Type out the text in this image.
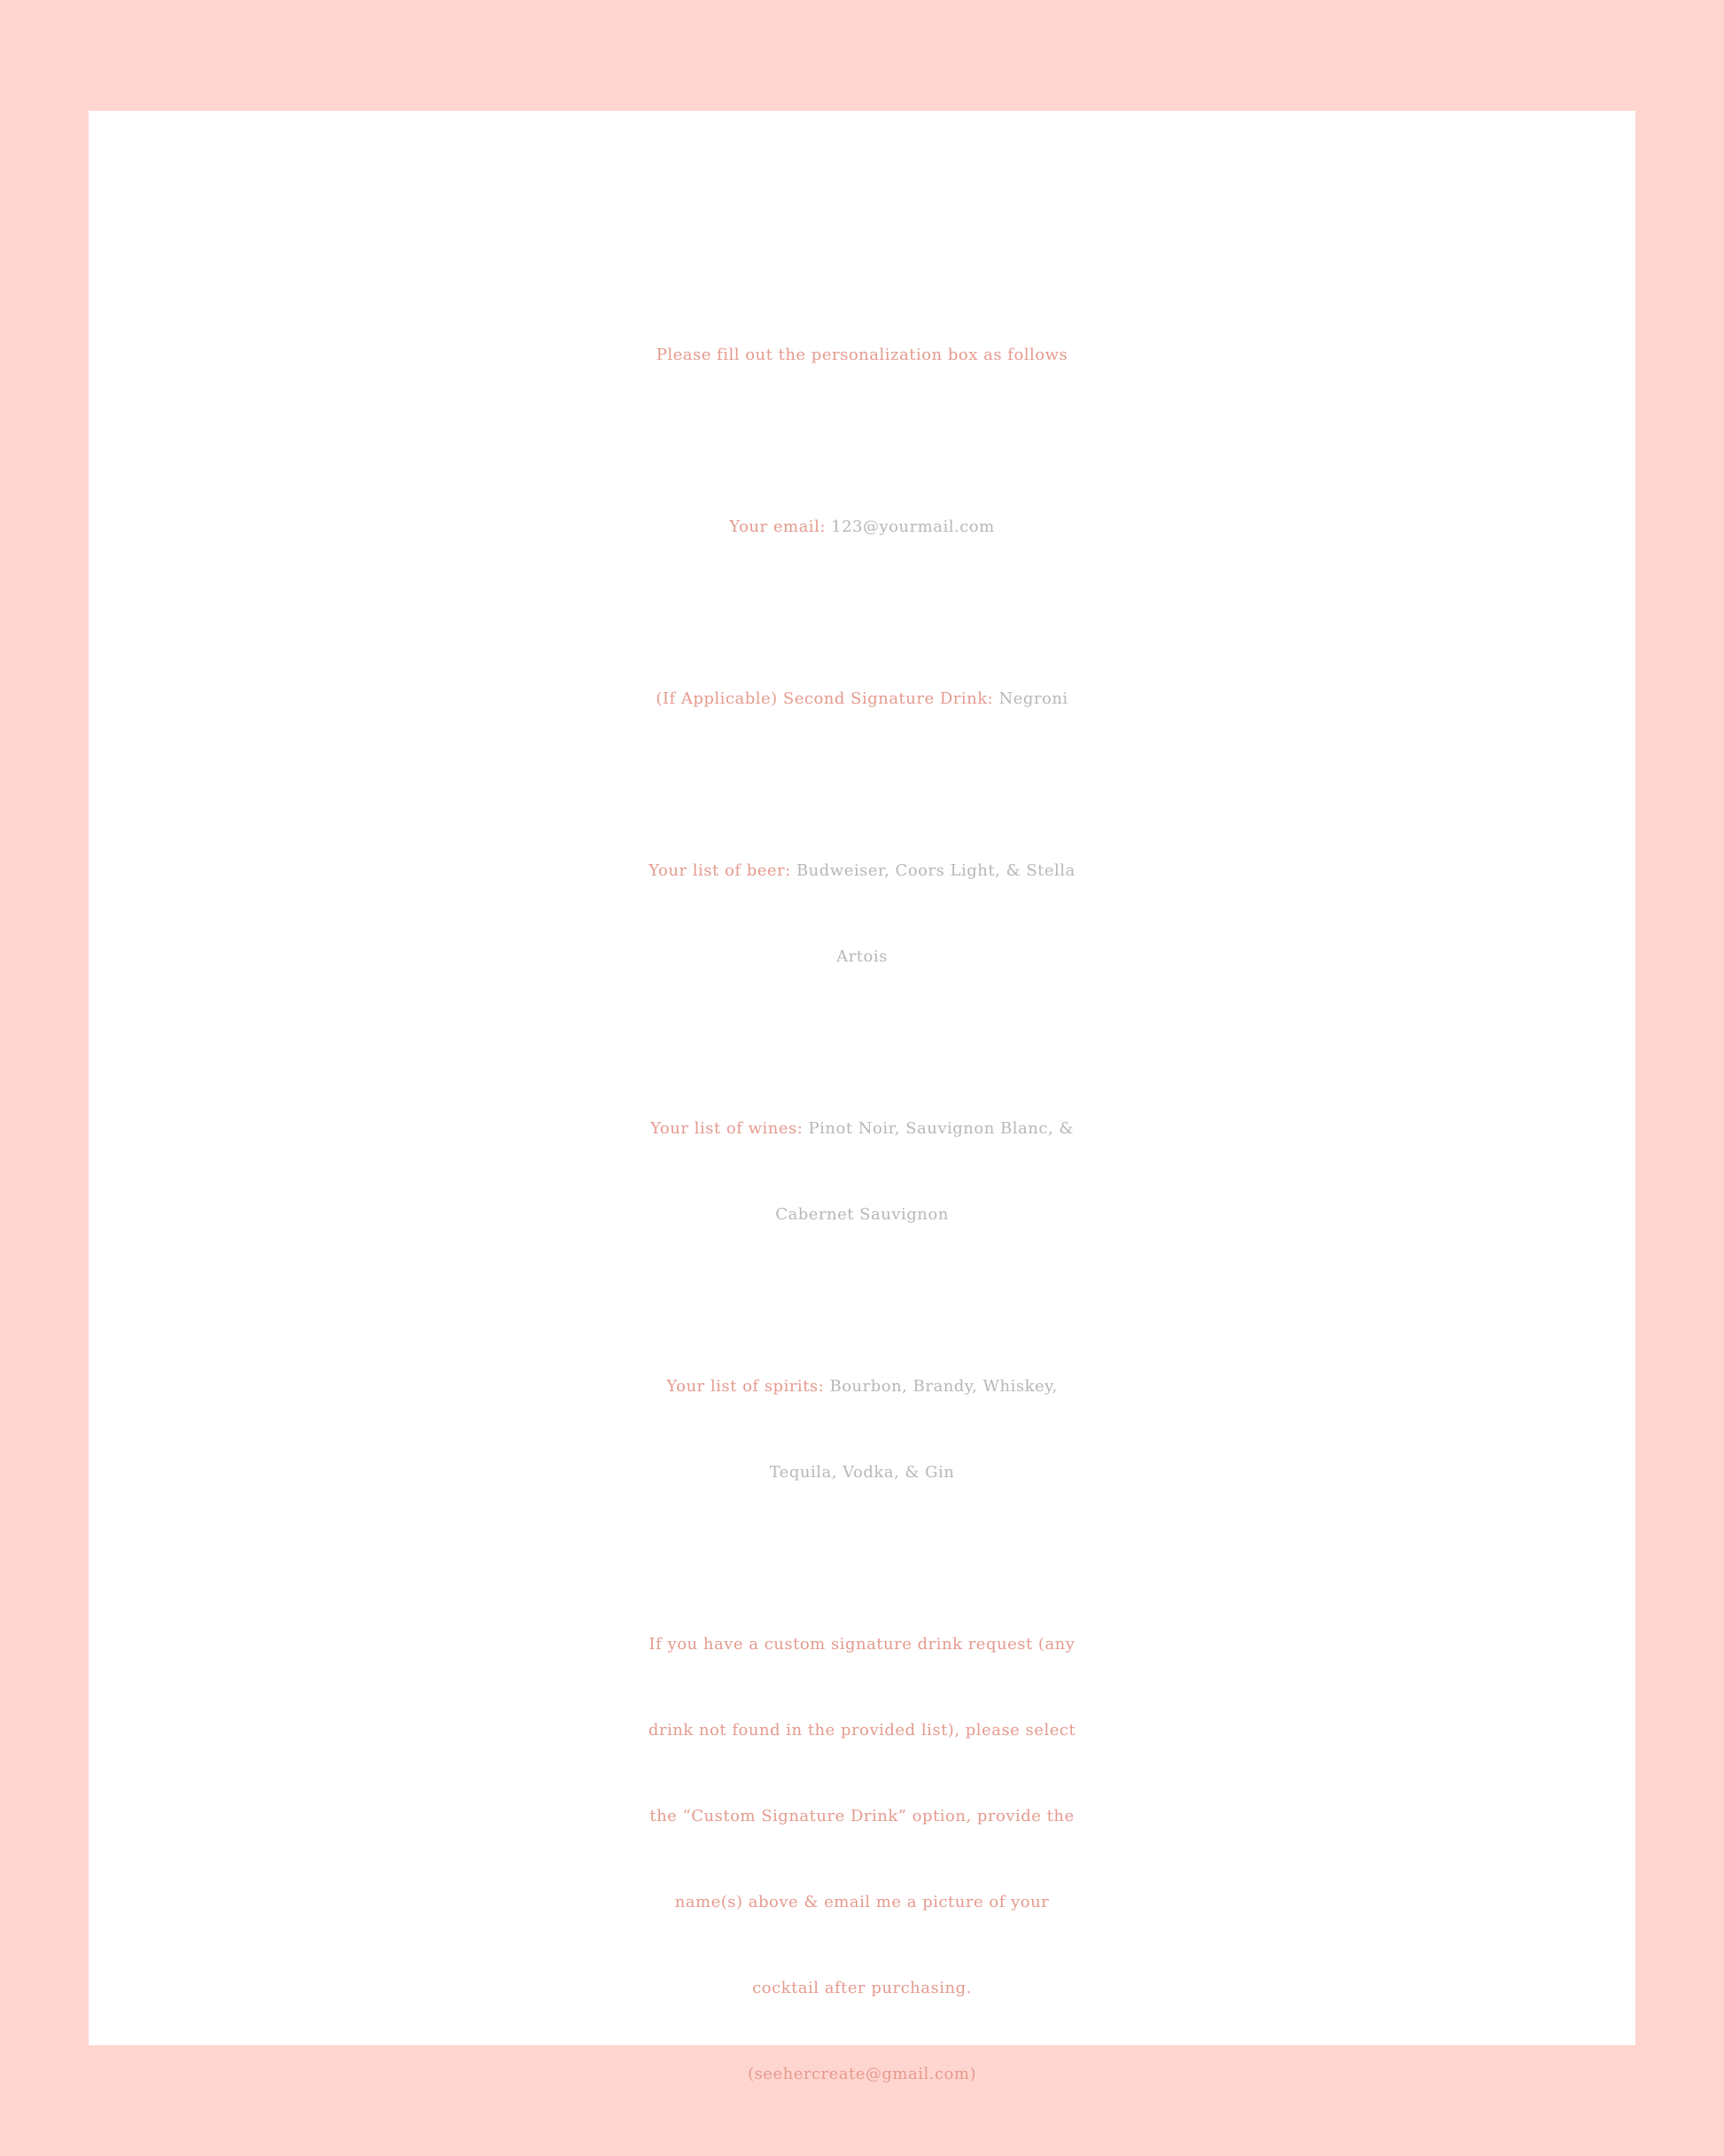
Please fill out the personalization box as follows
Your email: 123@yourmail.com
(If Applicable) Second Signature Drink: Negroni
Your list of beer: Budweiser, Coors Light, & Stella
Artois
Your list of wines: Pinot Noir, Sauvignon Blanc, &
Cabernet Sauvignon
Your list of spirits: Bourbon, Brandy, Whiskey,
Tequila, Vodka, & Gin
If you have a custom signature drink request (any
drink not found in the provided list), please select
the “Custom Signature Drink” option, provide the
name(s) above & email me a picture of your
cocktail after purchasing.
(seehercreate@gmail.com)
